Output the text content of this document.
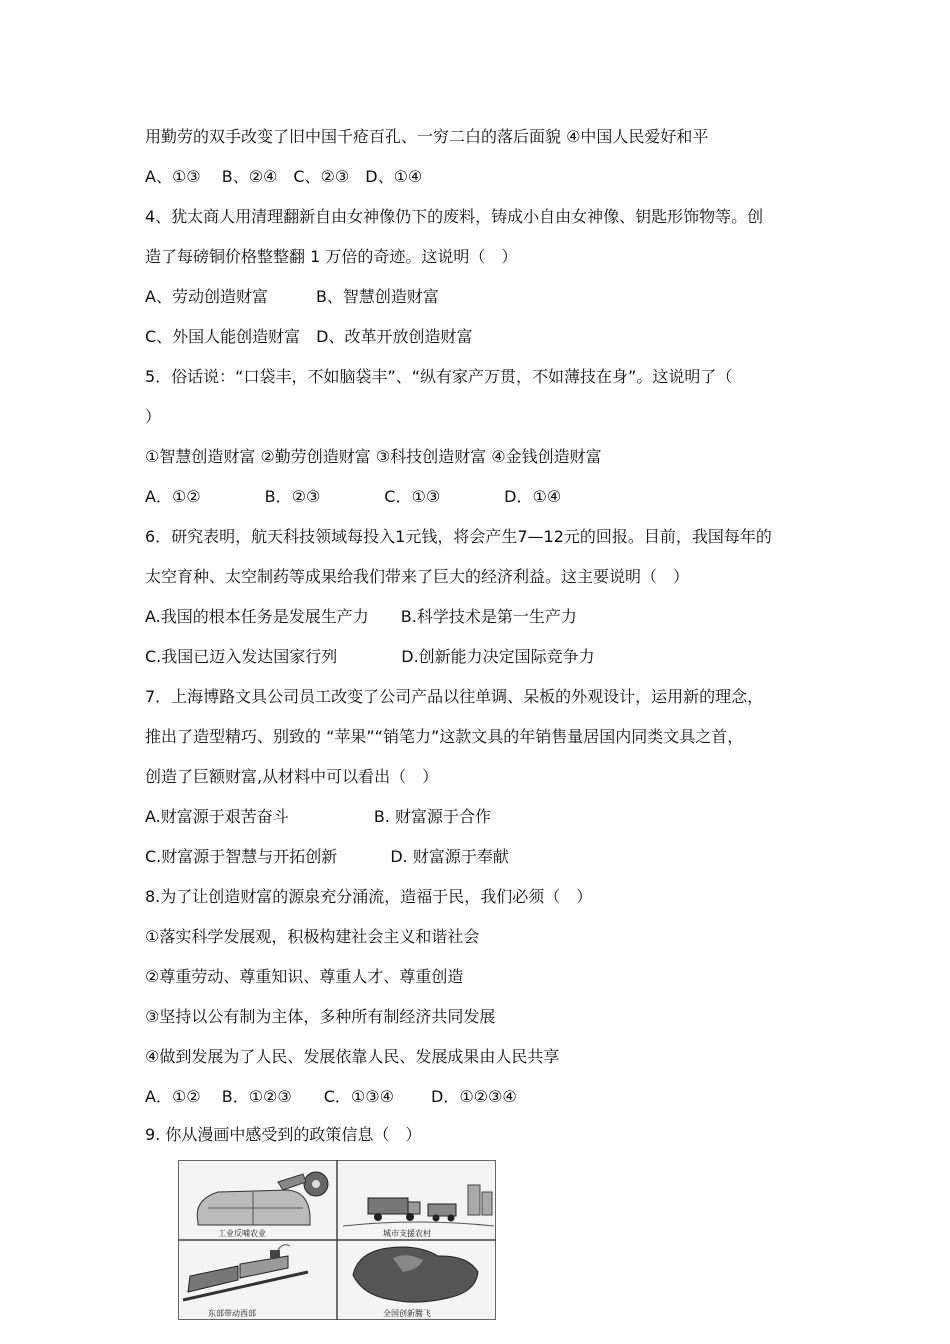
用勤劳的双手改变了旧中国千疮百孔、一穷二白的落后面貌 ④中国人民爱好和平
A、①③　 B、②④　C、②③　D、①④
4、犹太商人用清理翻新自由女神像仍下的废料，铸成小自由女神像、钥匙形饰物等。创
造了每磅铜价格整整翻 1 万倍的奇迹。这说明（　）
A、劳动创造财富　　　B、智慧创造财富
C、外国人能创造财富　D、改革开放创造财富
5．俗话说：“口袋丰，不如脑袋丰”、“纵有家产万贯，不如薄技在身”。这说明了（
）
①智慧创造财富 ②勤劳创造财富 ③科技创造财富 ④金钱创造财富
A．①②　　　　B．②③　　　　C．①③　　　　D．①④
6．研究表明，航天科技领域每投入1元钱，将会产生7—12元的回报。目前，我国每年的
太空育种、太空制药等成果给我们带来了巨大的经济利益。这主要说明（　）
A.我国的根本任务是发展生产力　　B.科学技术是第一生产力
C.我国已迈入发达国家行列　　　　D.创新能力决定国际竞争力
7．上海博路文具公司员工改变了公司产品以往单调、呆板的外观设计，运用新的理念，
推出了造型精巧、别致的 “苹果”“销笔力”这款文具的年销售量居国内同类文具之首，
创造了巨额财富,从材料中可以看出（　）
A.财富源于艰苦奋斗　　　　　 B. 财富源于合作
C.财富源于智慧与开拓创新　　　 D. 财富源于奉献
8.为了让创造财富的源泉充分涌流，造福于民，我们必须（　）
①落实科学发展观，积极构建社会主义和谐社会
②尊重劳动、尊重知识、尊重人才、尊重创造
③坚持以公有制为主体，多种所有制经济共同发展
④做到发展为了人民、发展依靠人民、发展成果由人民共享
A．①②　 B．①②③　　C．①③④　　 D．①②③④
9. 你从漫画中感受到的政策信息（　）
工业反哺农业	城市支援农村
东部带动西部	全国创新腾飞
